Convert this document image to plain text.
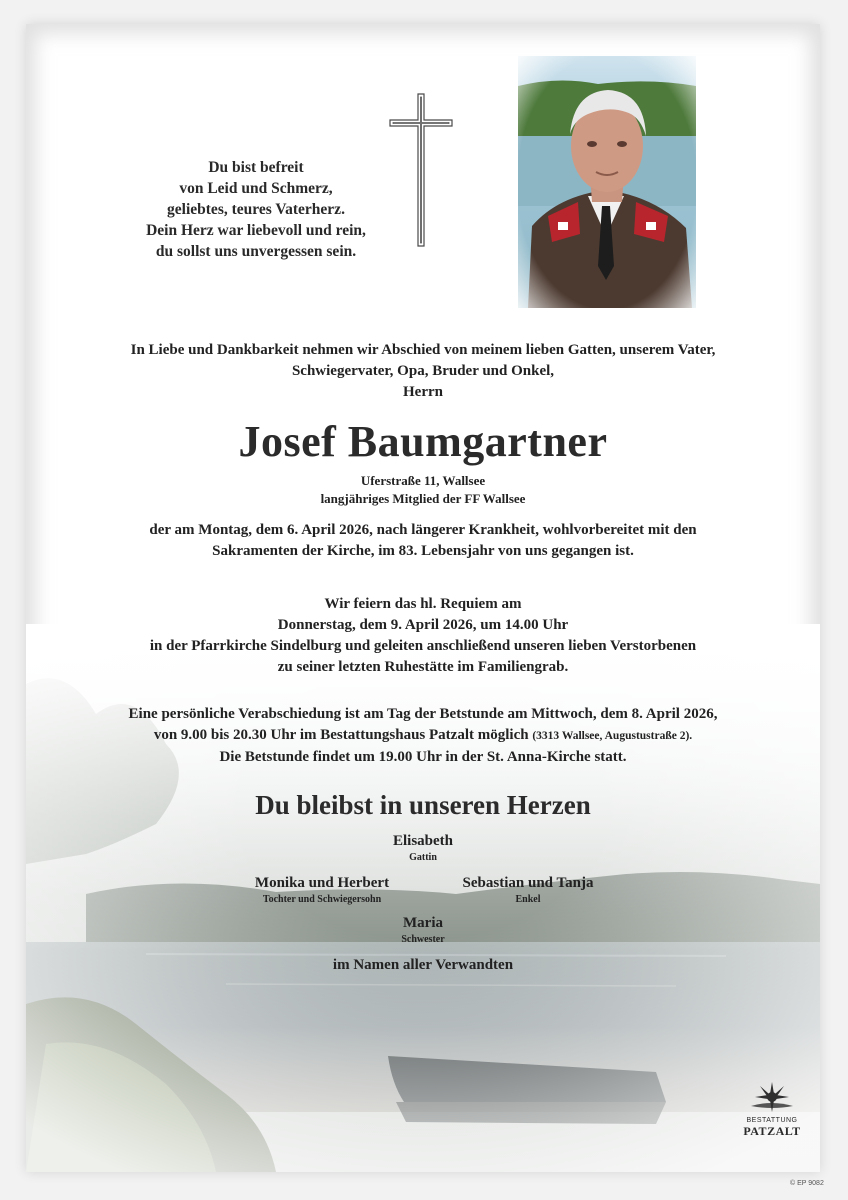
Du bist befreit
von Leid und Schmerz,
geliebtes, teures Vaterherz.
Dein Herz war liebevoll und rein,
du sollst uns unvergessen sein.
In Liebe und Dankbarkeit nehmen wir Abschied von meinem lieben Gatten, unserem Vater,
Schwiegervater, Opa, Bruder und Onkel,
Herrn
Josef Baumgartner
Uferstraße 11, Wallsee
langjähriges Mitglied der FF Wallsee
der am Montag, dem 6. April 2026, nach längerer Krankheit, wohlvorbereitet mit den
Sakramenten der Kirche, im 83. Lebensjahr von uns gegangen ist.
Wir feiern das hl. Requiem am
Donnerstag, dem 9. April 2026, um 14.00 Uhr
in der Pfarrkirche Sindelburg und geleiten anschließend unseren lieben Verstorbenen
zu seiner letzten Ruhestätte im Familiengrab.
Eine persönliche Verabschiedung ist am Tag der Betstunde am Mittwoch, dem 8. April 2026,
von 9.00 bis 20.30 Uhr im Bestattungshaus Patzalt möglich (3313 Wallsee, Augustustraße 2).
Die Betstunde findet um 19.00 Uhr in der St. Anna-Kirche statt.
Du bleibst in unseren Herzen
Elisabeth
Gattin
Monika und Herbert
Tochter und Schwiegersohn
Sebastian und Tanja
Enkel
Maria
Schwester
im Namen aller Verwandten
BESTATTUNG
PATZALT
© EP 9082
